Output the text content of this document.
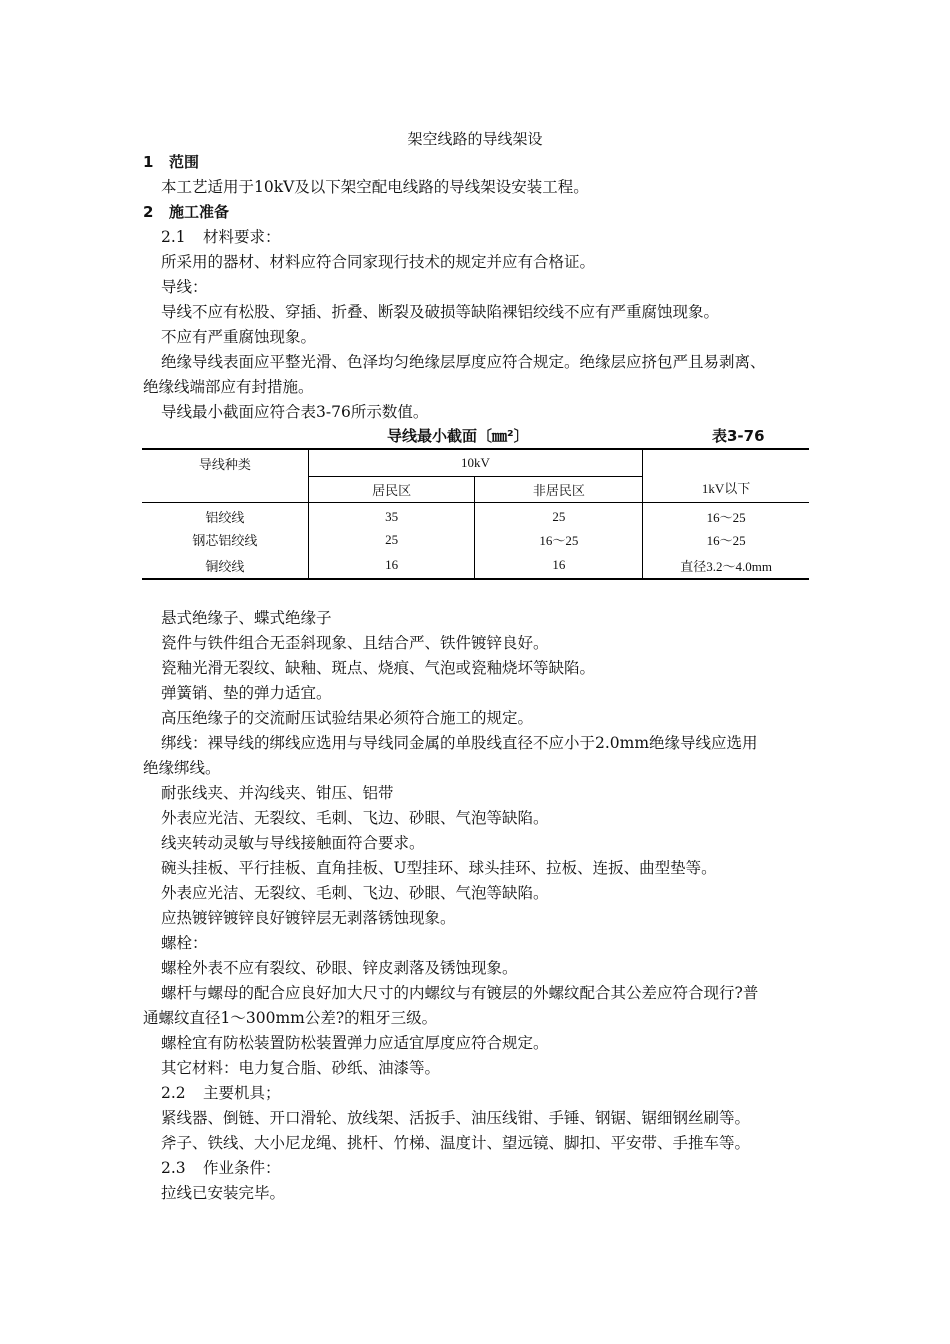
架空线路的导线架设
1 范围
本工艺适用于10kV及以下架空配电线路的导线架设安装工程。
2 施工准备
2.1 材料要求：
所采用的器材、材料应符合同家现行技术的规定并应有合格证。
导线：
导线不应有松股、穿插、折叠、断裂及破损等缺陷裸铝绞线不应有严重腐蚀现象。
不应有严重腐蚀现象。
绝缘导线表面应平整光滑、色泽均匀绝缘层厚度应符合规定。绝缘层应挤包严且易剥离、
绝缘线端部应有封措施。
导线最小截面应符合表3-76所示数值。
导线最小截面〔㎜²〕	表3-76
导线种类	10kV		1kV以下
	居民区	非居民区	
铝绞线	35	25	16～25
钢芯铝绞线	25	16～25	16～25
铜绞线	16	16	直径3.2～4.0mm
悬式绝缘子、蝶式绝缘子
瓷件与铁件组合无歪斜现象、且结合严、铁件镀锌良好。
瓷釉光滑无裂纹、缺釉、斑点、烧痕、气泡或瓷釉烧坏等缺陷。
弹簧销、垫的弹力适宜。
高压绝缘子的交流耐压试验结果必须符合施工的规定。
绑线：裸导线的绑线应选用与导线同金属的单股线直径不应小于2.0mm绝缘导线应选用
绝缘绑线。
耐张线夹、并沟线夹、钳压、铝带
外表应光洁、无裂纹、毛刺、飞边、砂眼、气泡等缺陷。
线夹转动灵敏与导线接触面符合要求。
碗头挂板、平行挂板、直角挂板、U型挂环、球头挂环、拉板、连扳、曲型垫等。
外表应光洁、无裂纹、毛刺、飞边、砂眼、气泡等缺陷。
应热镀锌镀锌良好镀锌层无剥落锈蚀现象。
螺栓：
螺栓外表不应有裂纹、砂眼、锌皮剥落及锈蚀现象。
螺杆与螺母的配合应良好加大尺寸的内螺纹与有镀层的外螺纹配合其公差应符合现行?普
通螺纹直径1～300mm公差?的粗牙三级。
螺栓宜有防松装置防松装置弹力应适宜厚度应符合规定。
其它材料：电力复合脂、砂纸、油漆等。
2.2 主要机具；
紧线器、倒链、开口滑轮、放线架、活扳手、油压线钳、手锤、钢锯、锯细钢丝刷等。
斧子、铁线、大小尼龙绳、挑杆、竹梯、温度计、望远镜、脚扣、平安带、手推车等。
2.3 作业条件：
拉线已安装完毕。
